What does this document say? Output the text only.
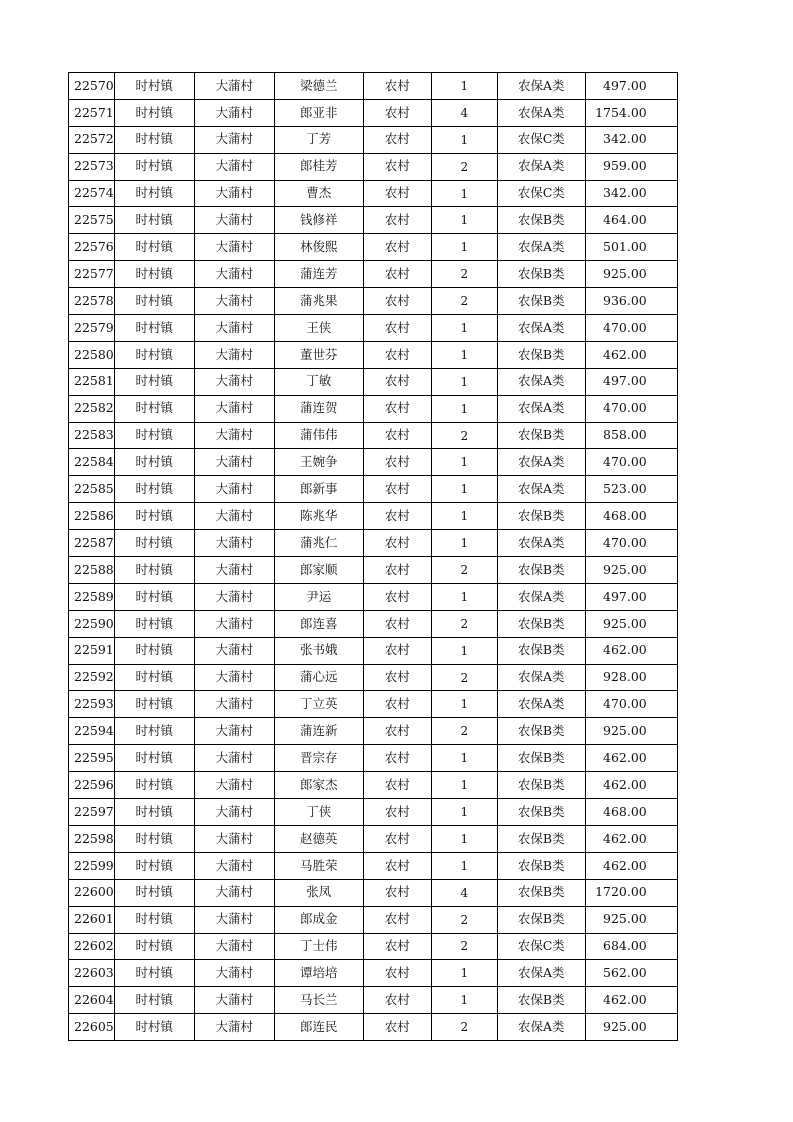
22570	时村镇	大蒲村	梁德兰	农村	1	农保A类	497.00
22571	时村镇	大蒲村	郎亚非	农村	4	农保A类	1754.00
22572	时村镇	大蒲村	丁芳	农村	1	农保C类	342.00
22573	时村镇	大蒲村	郎桂芳	农村	2	农保A类	959.00
22574	时村镇	大蒲村	曹杰	农村	1	农保C类	342.00
22575	时村镇	大蒲村	钱修祥	农村	1	农保B类	464.00
22576	时村镇	大蒲村	林俊熙	农村	1	农保A类	501.00
22577	时村镇	大蒲村	蒲连芳	农村	2	农保B类	925.00
22578	时村镇	大蒲村	蒲兆果	农村	2	农保B类	936.00
22579	时村镇	大蒲村	王侠	农村	1	农保A类	470.00
22580	时村镇	大蒲村	董世芬	农村	1	农保B类	462.00
22581	时村镇	大蒲村	丁敏	农村	1	农保A类	497.00
22582	时村镇	大蒲村	蒲连贺	农村	1	农保A类	470.00
22583	时村镇	大蒲村	蒲伟伟	农村	2	农保B类	858.00
22584	时村镇	大蒲村	王婉争	农村	1	农保A类	470.00
22585	时村镇	大蒲村	郎新事	农村	1	农保A类	523.00
22586	时村镇	大蒲村	陈兆华	农村	1	农保B类	468.00
22587	时村镇	大蒲村	蒲兆仁	农村	1	农保A类	470.00
22588	时村镇	大蒲村	郎家顺	农村	2	农保B类	925.00
22589	时村镇	大蒲村	尹运	农村	1	农保A类	497.00
22590	时村镇	大蒲村	郎连喜	农村	2	农保B类	925.00
22591	时村镇	大蒲村	张书娥	农村	1	农保B类	462.00
22592	时村镇	大蒲村	蒲心远	农村	2	农保A类	928.00
22593	时村镇	大蒲村	丁立英	农村	1	农保A类	470.00
22594	时村镇	大蒲村	蒲连新	农村	2	农保B类	925.00
22595	时村镇	大蒲村	晋宗存	农村	1	农保B类	462.00
22596	时村镇	大蒲村	郎家杰	农村	1	农保B类	462.00
22597	时村镇	大蒲村	丁侠	农村	1	农保B类	468.00
22598	时村镇	大蒲村	赵德英	农村	1	农保B类	462.00
22599	时村镇	大蒲村	马胜荣	农村	1	农保B类	462.00
22600	时村镇	大蒲村	张凤	农村	4	农保B类	1720.00
22601	时村镇	大蒲村	郎成金	农村	2	农保B类	925.00
22602	时村镇	大蒲村	丁士伟	农村	2	农保C类	684.00
22603	时村镇	大蒲村	谭培培	农村	1	农保A类	562.00
22604	时村镇	大蒲村	马长兰	农村	1	农保B类	462.00
22605	时村镇	大蒲村	郎连民	农村	2	农保A类	925.00
